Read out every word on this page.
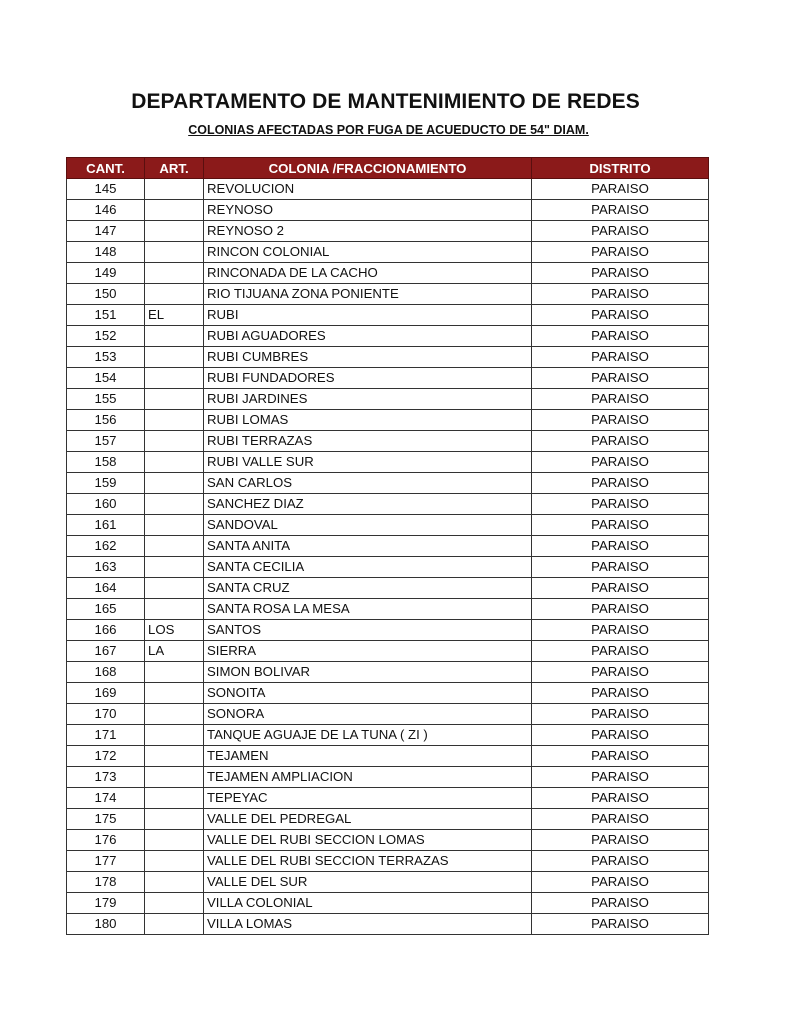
DEPARTAMENTO DE MANTENIMIENTO DE REDES
COLONIAS AFECTADAS POR FUGA DE ACUEDUCTO DE 54" DIAM.
CANT.	ART.	COLONIA /FRACCIONAMIENTO	DISTRITO
145		REVOLUCION	PARAISO
146		REYNOSO	PARAISO
147		REYNOSO 2	PARAISO
148		RINCON COLONIAL	PARAISO
149		RINCONADA DE LA CACHO	PARAISO
150		RIO TIJUANA ZONA PONIENTE	PARAISO
151	EL	RUBI	PARAISO
152		RUBI AGUADORES	PARAISO
153		RUBI CUMBRES	PARAISO
154		RUBI FUNDADORES	PARAISO
155		RUBI JARDINES	PARAISO
156		RUBI LOMAS	PARAISO
157		RUBI TERRAZAS	PARAISO
158		RUBI VALLE SUR	PARAISO
159		SAN CARLOS	PARAISO
160		SANCHEZ DIAZ	PARAISO
161		SANDOVAL	PARAISO
162		SANTA ANITA	PARAISO
163		SANTA CECILIA	PARAISO
164		SANTA CRUZ	PARAISO
165		SANTA ROSA LA MESA	PARAISO
166	LOS	SANTOS	PARAISO
167	LA	SIERRA	PARAISO
168		SIMON BOLIVAR	PARAISO
169		SONOITA	PARAISO
170		SONORA	PARAISO
171		TANQUE AGUAJE DE LA TUNA ( ZI )	PARAISO
172		TEJAMEN	PARAISO
173		TEJAMEN AMPLIACION	PARAISO
174		TEPEYAC	PARAISO
175		VALLE DEL PEDREGAL	PARAISO
176		VALLE DEL RUBI SECCION LOMAS	PARAISO
177		VALLE DEL RUBI SECCION TERRAZAS	PARAISO
178		VALLE DEL SUR	PARAISO
179		VILLA COLONIAL	PARAISO
180		VILLA LOMAS	PARAISO
